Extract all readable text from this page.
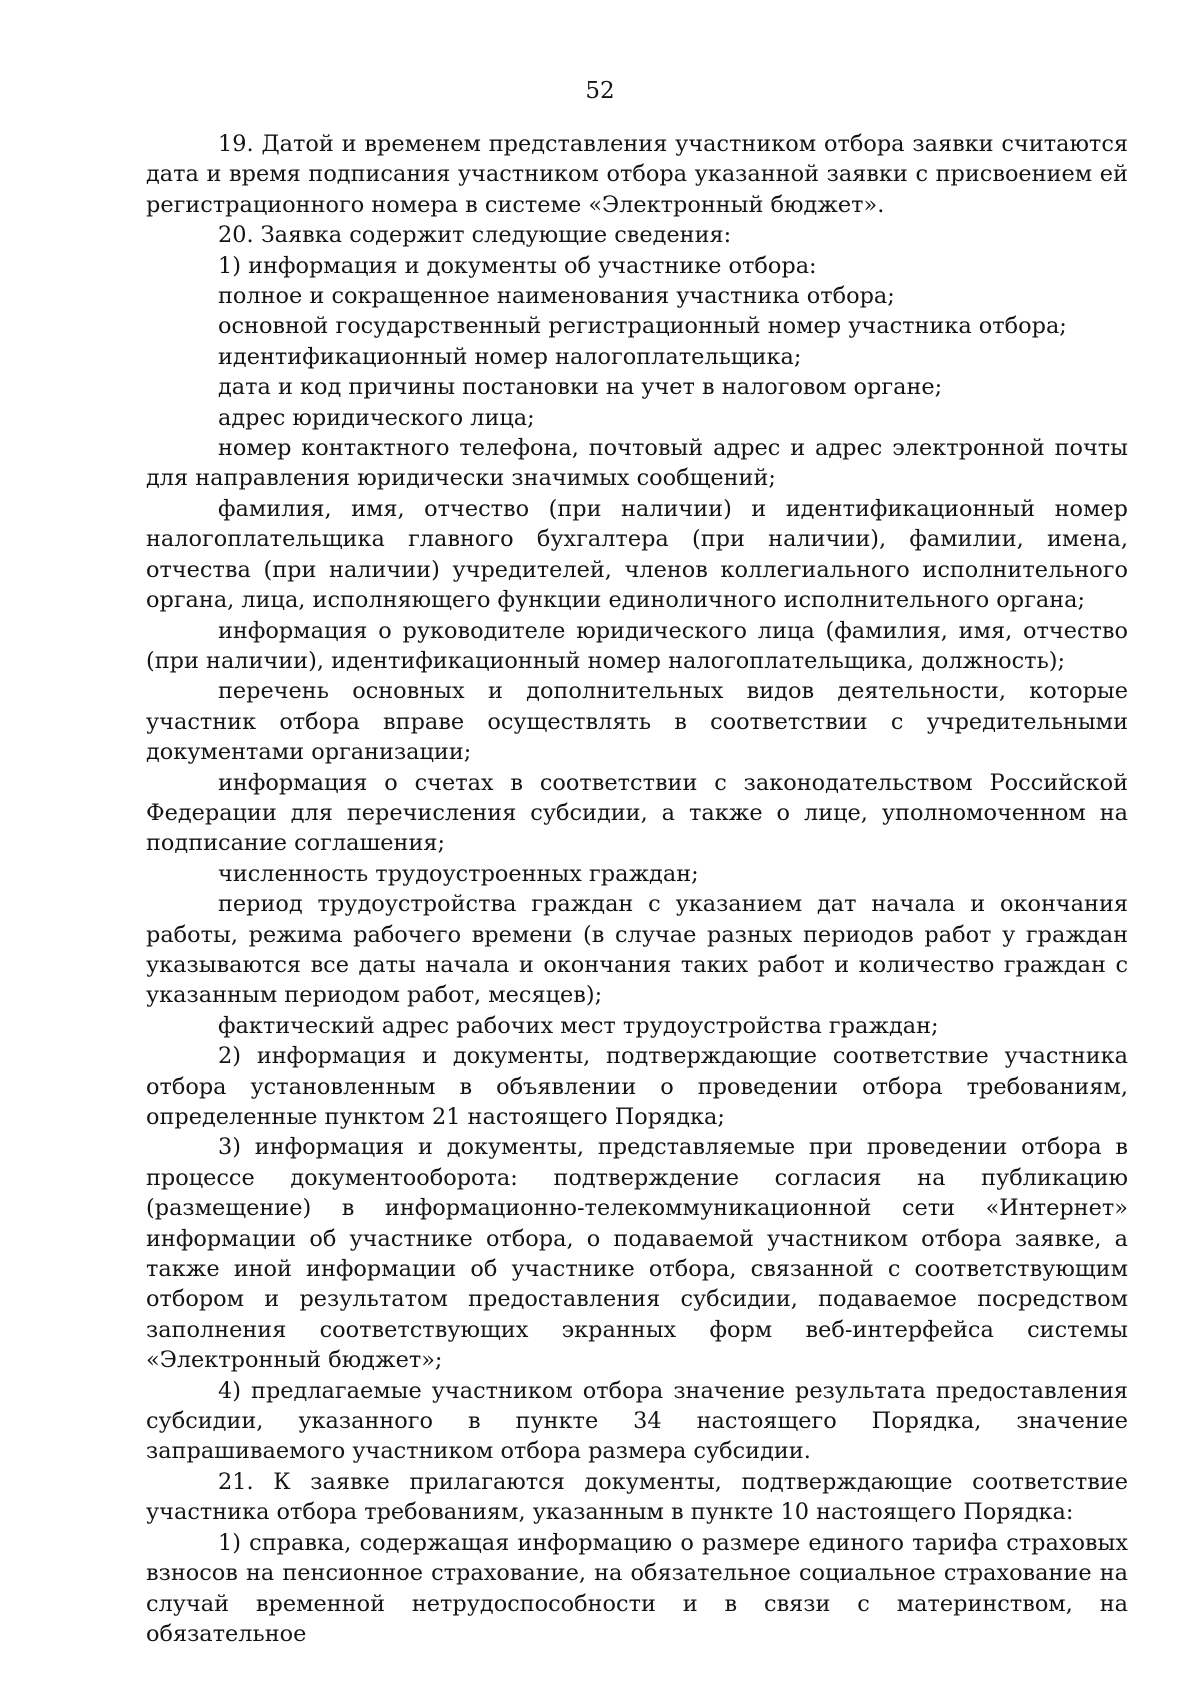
52

19. Датой и временем представления участником отбора заявки считаются дата и время подписания участником отбора указанной заявки с присвоением ей регистрационного номера в системе «Электронный бюджет».

20. Заявка содержит следующие сведения:

1) информация и документы об участнике отбора:

полное и сокращенное наименования участника отбора;

основной государственный регистрационный номер участника отбора;

идентификационный номер налогоплательщика;

дата и код причины постановки на учет в налоговом органе;

адрес юридического лица;

номер контактного телефона, почтовый адрес и адрес электронной почты для направления юридически значимых сообщений;

фамилия, имя, отчество (при наличии) и идентификационный номер налогоплательщика главного бухгалтера (при наличии), фамилии, имена, отчества (при наличии) учредителей, членов коллегиального исполнительного органа, лица, исполняющего функции единоличного исполнительного органа;

информация о руководителе юридического лица (фамилия, имя, отчество (при наличии), идентификационный номер налогоплательщика, должность);

перечень основных и дополнительных видов деятельности, которые участник отбора вправе осуществлять в соответствии с учредительными документами организации;

информация о счетах в соответствии с законодательством Российской Федерации для перечисления субсидии, а также о лице, уполномоченном на подписание соглашения;

численность трудоустроенных граждан;

период трудоустройства граждан с указанием дат начала и окончания работы, режима рабочего времени (в случае разных периодов работ у граждан указываются все даты начала и окончания таких работ и количество граждан с указанным периодом работ, месяцев);

фактический адрес рабочих мест трудоустройства граждан;

2) информация и документы, подтверждающие соответствие участника отбора установленным в объявлении о проведении отбора требованиям, определенные пунктом 21 настоящего Порядка;

3) информация и документы, представляемые при проведении отбора в процессе документооборота: подтверждение согласия на публикацию (размещение) в информационно-телекоммуникационной сети «Интернет» информации об участнике отбора, о подаваемой участником отбора заявке, а также иной информации об участнике отбора, связанной с соответствующим отбором и результатом предоставления субсидии, подаваемое посредством заполнения соответствующих экранных форм веб-интерфейса системы «Электронный бюджет»;

4) предлагаемые участником отбора значение результата предоставления субсидии, указанного в пункте 34 настоящего Порядка, значение запрашиваемого участником отбора размера субсидии.

21. К заявке прилагаются документы, подтверждающие соответствие участника отбора требованиям, указанным в пункте 10 настоящего Порядка:

1) справка, содержащая информацию о размере единого тарифа страховых взносов на пенсионное страхование, на обязательное социальное страхование на случай временной нетрудоспособности и в связи с материнством, на обязательное
